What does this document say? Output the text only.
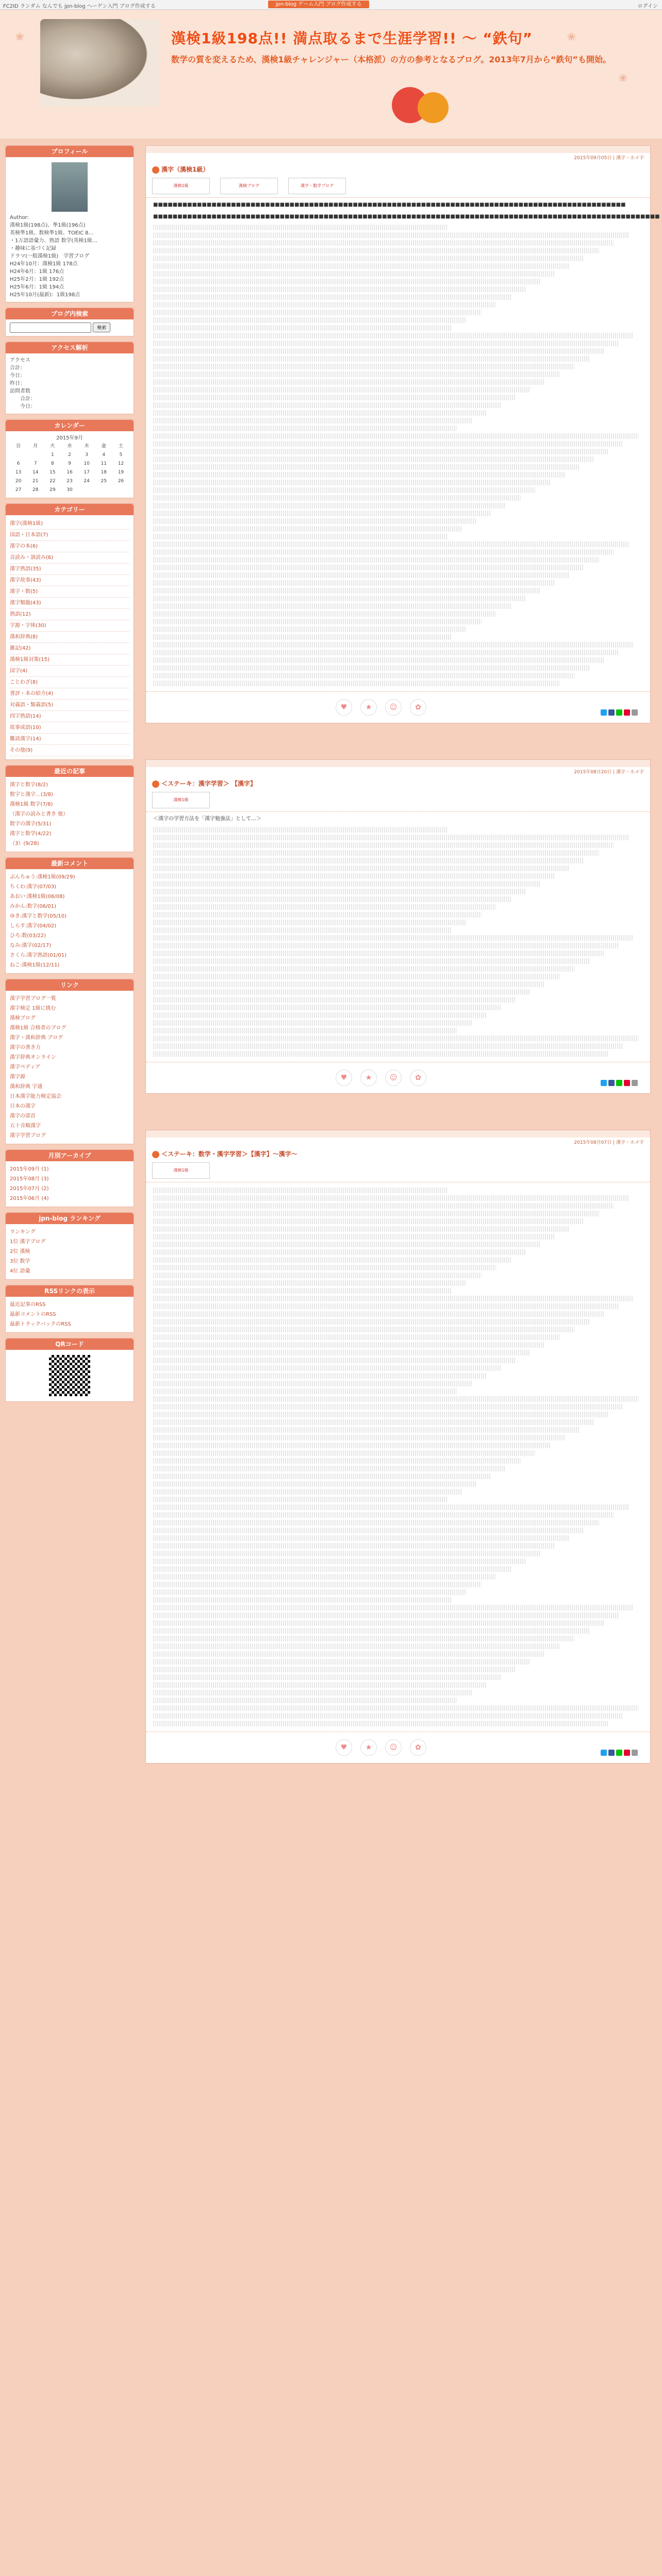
FC2ID ランダム なんでも jpn-blog ヘーゲン入門 ブログ作成する	jpn-blog ゲーム入門 ブログ作成する	ログイン
漢検1級198点!! 満点取るまで生涯学習!! ～ “鉄句”
数学の質を変えるため、漢検1級チャレンジャー（本格派）の方の参考となるブログ。2013年7月から“鉄句”も開始。
❀
❀
❀
プロフィール
Author:
漢検1級(198点)、準1級(196点)
英検準1級、数検準1級、TOEIC 8…
・1万語語彙力、熟語 数学(英検1級…
・趣味に基づく記録
ドラマ(一般漢検1級)　学習ブログ
H24年10月：漢検1級 178点
H24年6月：1級 176点
H25年2月：1級 192点
H25年6月：1級 194点
H25年10月(最新)：1級198点
ブログ内検索
検索
アクセス解析
アクセス
合計：
今日：
昨日：
訪問者数
　　合計：
　　今日：
カレンダー
2015年9月
日	月	火	水	木	金	土
		1	2	3	4	5
6	7	8	9	10	11	12
13	14	15	16	17	18	19
20	21	22	23	24	25	26
27	28	29	30			
カテゴリー
漢字(漢検1級)
国語・日本語(7)
漢字の本(6)
音読み・訓読み(6)
漢字熟語(35)
漢字故事(43)
漢字・数(5)
漢字類題(43)
熟語(12)
字源・字体(30)
漢和辞典(8)
雑記(42)
漢検1級対策(15)
国字(4)
ことわざ(8)
書評・本の紹介(4)
対義語・類義語(5)
四字熟語(14)
故事成語(10)
難読漢字(14)
その他(9)
最近の記事
漢字と数字(8/2)
数字と漢字…(3/8)
漢検1級 数字(7/8)
（漢字の読みと書き 他）
数字の漢字(5/31)
漢字と数学(4/22)
（3）(9/28)
最新コメント
ぶんちゅう:漢検1級(09/29)
ちくわ:漢字(07/03)
あおい:漢検1級(06/08)
みかん:数字(06/01)
ゆき:漢字と数学(05/10)
しらす:漢字(04/02)
ひろ:数(03/22)
なみ:漢字(02/17)
さくら:漢字熟語(01/01)
ねこ:漢検1級(12/11)
リンク
漢字学習ブログ一覧
漢字検定 1級に挑む
漢検ブログ
漢検1級 合格者のブログ
漢字・漢和辞典 ブログ
漢字の書き方
漢字辞典オンライン
漢字ペディア
漢字源
漢和辞典 字通
日本漢字能力検定協会
日本の漢字
漢字の部首
五十音順漢字
漢字学習ブログ
月別アーカイブ
2015年09月 (1)
2015年08月 (3)
2015年07月 (2)
2015年06月 (4)
jpn-blog ランキング
ランキング
1位 漢字ブログ
2位 漢検
3位 数学
4位 語彙
RSSリンクの表示
最近記事のRSS
最新コメントのRSS
最新トラックバックのRSS
QRコード
2015年09月05日 | 漢字・ホメ字
漢字（漢検1級）
漢検1級	漢検ブログ	漢字・数学ブログ

■■■■■■■■■■■■■■■■■■■■■■■■■■■■■■■■■■■■■■■■■■■■■■■■■■■■■■■■■■■■■■■■■■■■■■■■■■■■■■■■■■■■■■■■■■■■■■■■■

■■■■■■■■■■■■■■■■■■■■■■■■■■■■■■■■■■■■■■■■■■■■■■■■■■■■■■■■■■■■■■■■■■■■■■■■■■■■■■■■■■■■■■■■■■■■■■■■■■■■■■■■

♥	★ ☺ ✿
2015年08月20日 | 漢字・ホメ字
＜ステーキ：漢字学習＞ 【漢字】
漢検1級

＜漢字の学習方法を「漢字勉強法」として…＞

♥	★ ☺ ✿
2015年08月07日 | 漢字・ホメ字
＜ステーキ：数学・漢字学習＞【漢字】～漢字～
漢検1級
♥	★ ☺ ✿
